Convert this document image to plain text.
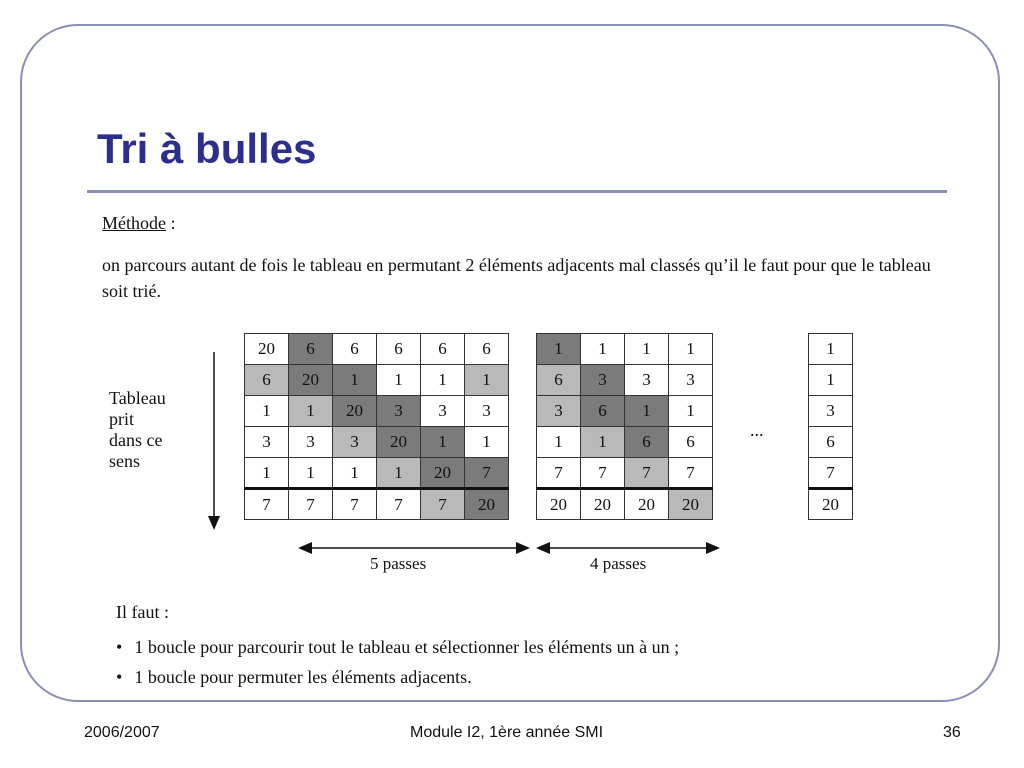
Tri à bulles
Méthode :
on parcours autant de fois le tableau en permutant 2 éléments adjacents mal classés qu’il le faut pour que le tableau soit trié.
Tableau
prit
dans ce
sens
20	6	6	6	6	6
6	20	1	1	1	1
1	1	20	3	3	3
3	3	3	20	1	1
1	1	1	1	20	7
7	7	7	7	7	20
1	1	1	1
6	3	3	3
3	6	1	1
1	1	6	6
7	7	7	7
20	20	20	20
1
1
3
6
7
20
...
5 passes	4 passes
Il faut :
• 1 boucle pour parcourir tout le tableau et sélectionner les éléments un à un ;
• 1 boucle pour permuter les éléments adjacents.
2006/2007	Module I2, 1ère année SMI	36
